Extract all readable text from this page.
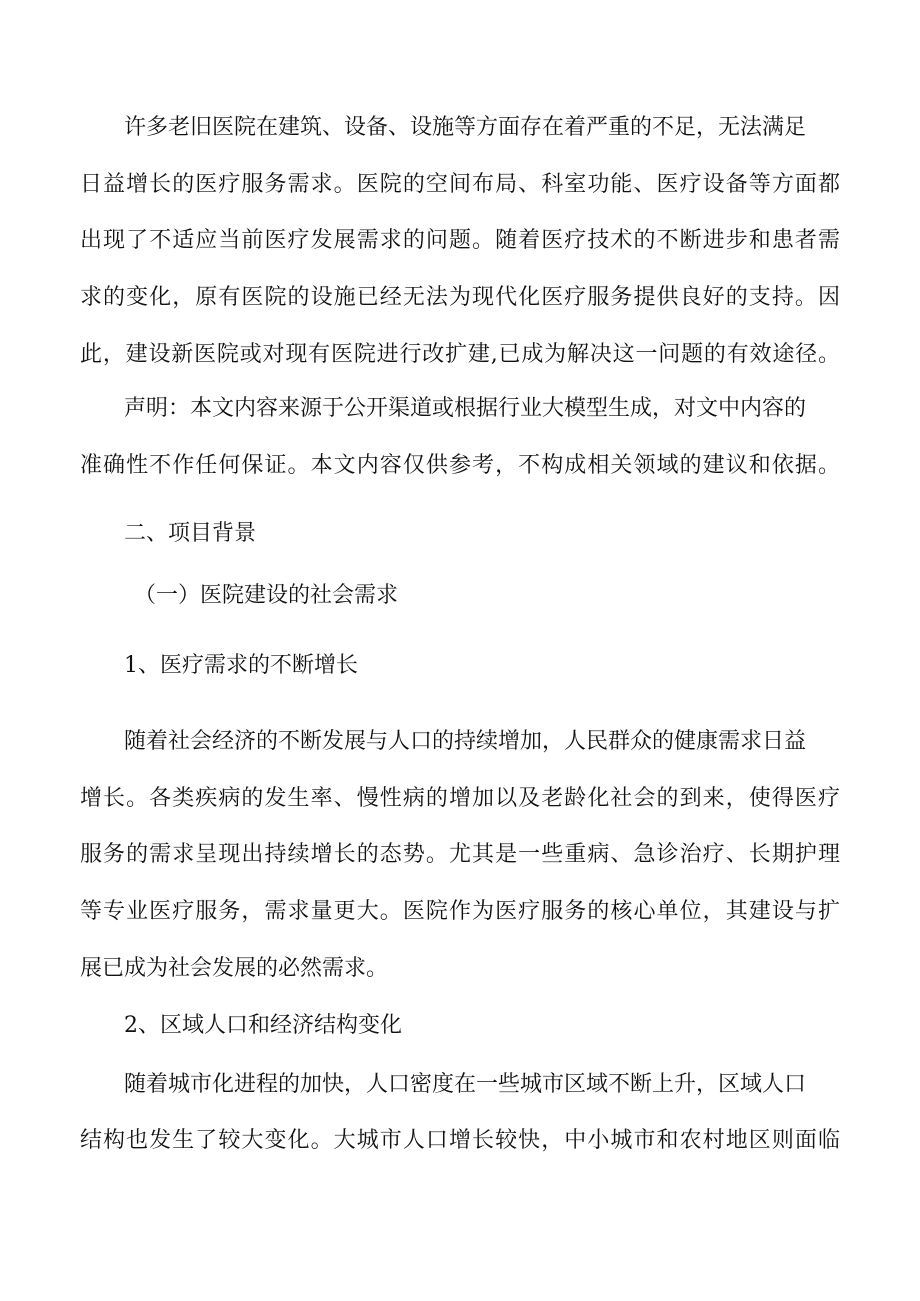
许多老旧医院在建筑、设备、设施等方面存在着严重的不足，无法满足

日益增长的医疗服务需求。医院的空间布局、科室功能、医疗设备等方面都

出现了不适应当前医疗发展需求的问题。随着医疗技术的不断进步和患者需

求的变化，原有医院的设施已经无法为现代化医疗服务提供良好的支持。因

此，建设新医院或对现有医院进行改扩建,已成为解决这一问题的有效途径。

声明：本文内容来源于公开渠道或根据行业大模型生成，对文中内容的

准确性不作任何保证。本文内容仅供参考，不构成相关领域的建议和依据。

二、项目背景

（一）医院建设的社会需求

1、医疗需求的不断增长

随着社会经济的不断发展与人口的持续增加，人民群众的健康需求日益

增长。各类疾病的发生率、慢性病的增加以及老龄化社会的到来，使得医疗

服务的需求呈现出持续增长的态势。尤其是一些重病、急诊治疗、长期护理

等专业医疗服务，需求量更大。医院作为医疗服务的核心单位，其建设与扩

展已成为社会发展的必然需求。

2、区域人口和经济结构变化

随着城市化进程的加快，人口密度在一些城市区域不断上升，区域人口

结构也发生了较大变化。大城市人口增长较快，中小城市和农村地区则面临
